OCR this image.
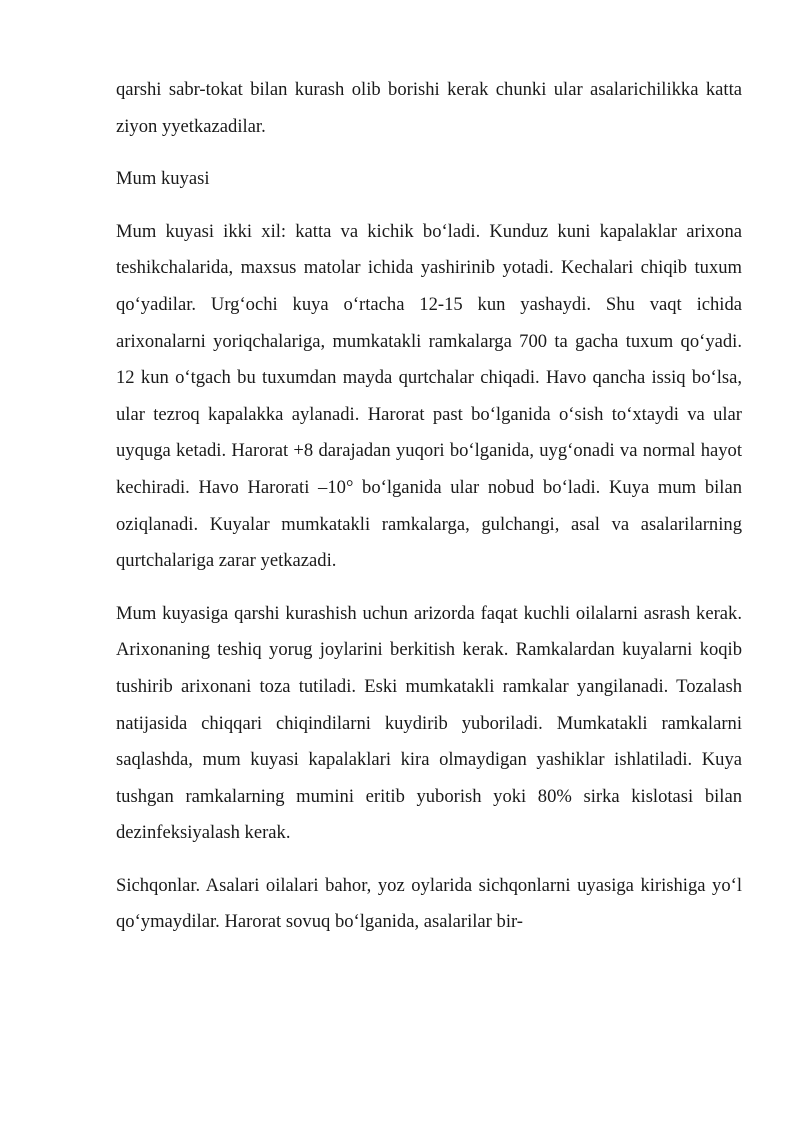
qarshi sabr-tokat bilan kurash olib borishi kerak chunki ular asalarichilikka katta ziyon yyetkazadilar.

Mum kuyasi

Mum kuyasi ikki xil: katta va kichik boʻladi. Kunduz kuni kapalaklar arixona teshikchalarida, maxsus matolar ichida yashirinib yotadi. Kechalari chiqib tuxum qoʻyadilar. Urgʻochi kuya oʻrtacha 12-15 kun yashaydi. Shu vaqt ichida arixonalarni yoriqchalariga, mumkatakli ramkalarga 700 ta gacha tuxum qoʻyadi. 12 kun oʻtgach bu tuxumdan mayda qurtchalar chiqadi. Havo qancha issiq boʻlsa, ular tezroq kapalakka aylanadi. Harorat past boʻlganida oʻsish toʻxtaydi va ular uyquga ketadi. Harorat +8 darajadan yuqori boʻlganida, uygʻonadi va normal hayot kechiradi. Havo Harorati –10° boʻlganida ular nobud boʻladi. Kuya mum bilan oziqlanadi. Kuyalar mumkatakli ramkalarga, gulchangi, asal va asalarilarning qurtchalariga zarar yetkazadi.

Mum kuyasiga qarshi kurashish uchun arizorda faqat kuchli oilalarni asrash kerak. Arixonaning teshiq yorug joylarini berkitish kerak. Ramkalardan kuyalarni koqib tushirib arixonani toza tutiladi. Eski mumkatakli ramkalar yangilanadi. Tozalash natijasida chiqqari chiqindilarni kuydirib yuboriladi. Mumkatakli ramkalarni saqlashda, mum kuyasi kapalaklari kira olmaydigan yashiklar ishlatiladi. Kuya tushgan ramkalarning mumini eritib yuborish yoki 80% sirka kislotasi bilan dezinfeksiyalash kerak.

Sichqonlar. Asalari oilalari bahor, yoz oylarida sichqonlarni uyasiga kirishiga yoʻl qoʻymaydilar. Harorat sovuq boʻlganida, asalarilar bir-
